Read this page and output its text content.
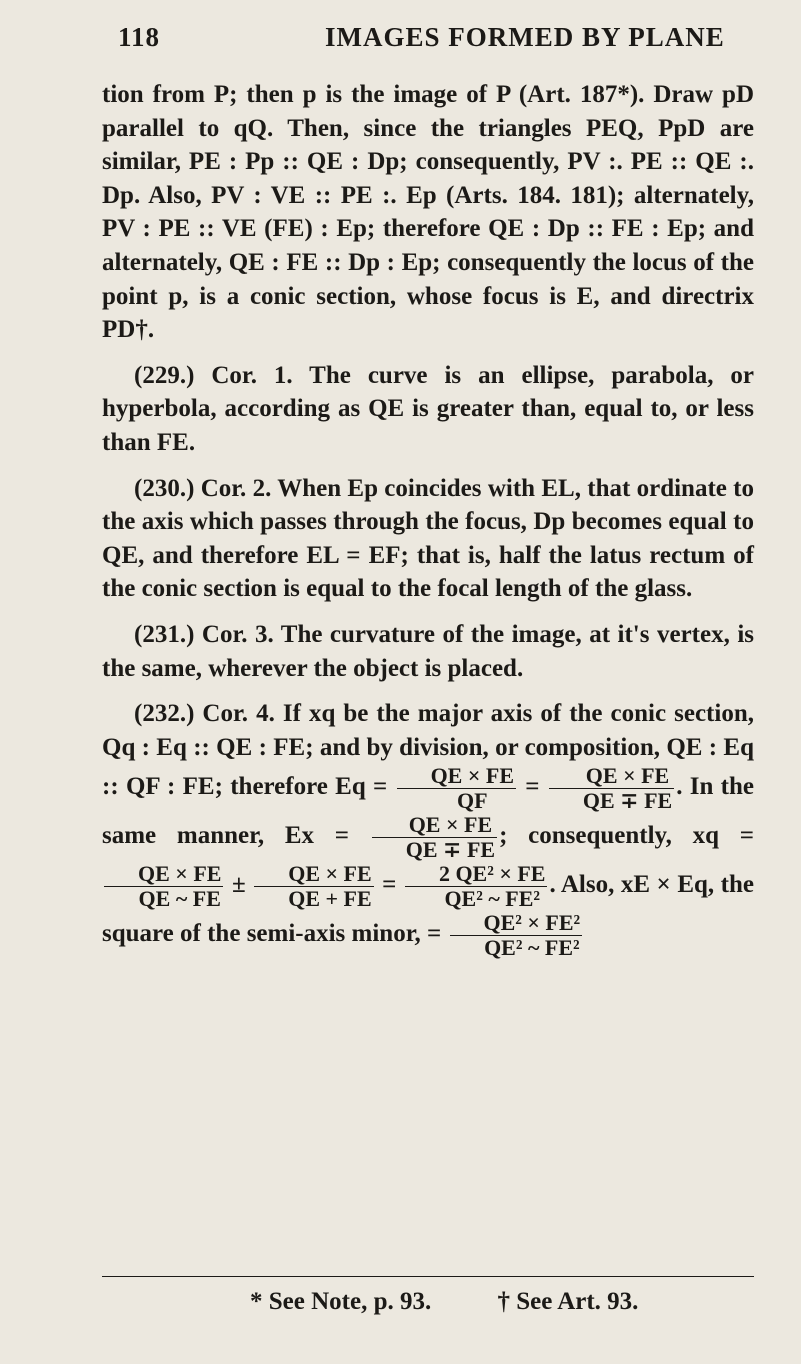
118	IMAGES FORMED BY PLANE

tion from P; then p is the image of P (Art. 187*). Draw pD parallel to qQ. Then, since the triangles PEQ, PpD are similar, PE : Pp :: QE : Dp; consequently, PV :. PE :: QE :. Dp. Also, PV : VE :: PE :. Ep (Arts. 184. 181); alternately, PV : PE :: VE (FE) : Ep; therefore QE : Dp :: FE : Ep; and alternately, QE : FE :: Dp : Ep; consequently the locus of the point p, is a conic section, whose focus is E, and directrix PD†.

(229.) Cor. 1. The curve is an ellipse, parabola, or hyperbola, according as QE is greater than, equal to, or less than FE.

(230.) Cor. 2. When Ep coincides with EL, that ordinate to the axis which passes through the focus, Dp becomes equal to QE, and therefore EL = EF; that is, half the latus rectum of the conic section is equal to the focal length of the glass.

(231.) Cor. 3. The curvature of the image, at it's vertex, is the same, wherever the object is placed.

(232.) Cor. 4. If xq be the major axis of the conic section, Qq : Eq :: QE : FE; and by division, or composition, QE : Eq :: QF : FE; therefore $Eq = \frac{QE \times FE}{QF} = \frac{QE \times FE}{QE \mp FE}$ . In the same manner, $Ex = \frac{QE \times FE}{QE \mp FE}$ ; consequently, xq =
$\frac{QE \times FE}{QE \sim FE} \pm \frac{QE \times FE}{QE + FE} = \frac{\text{2 QE² × FE}}{\text{QE² \textasciitilde{} FE²}}$ . Also, xE × Eq, the square of the semi-axis minor, = $\frac{\text{QE² × FE²}}{\text{QE² \textasciitilde{} FE²}}$

* See Note, p. 93.	† See Art. 93.
